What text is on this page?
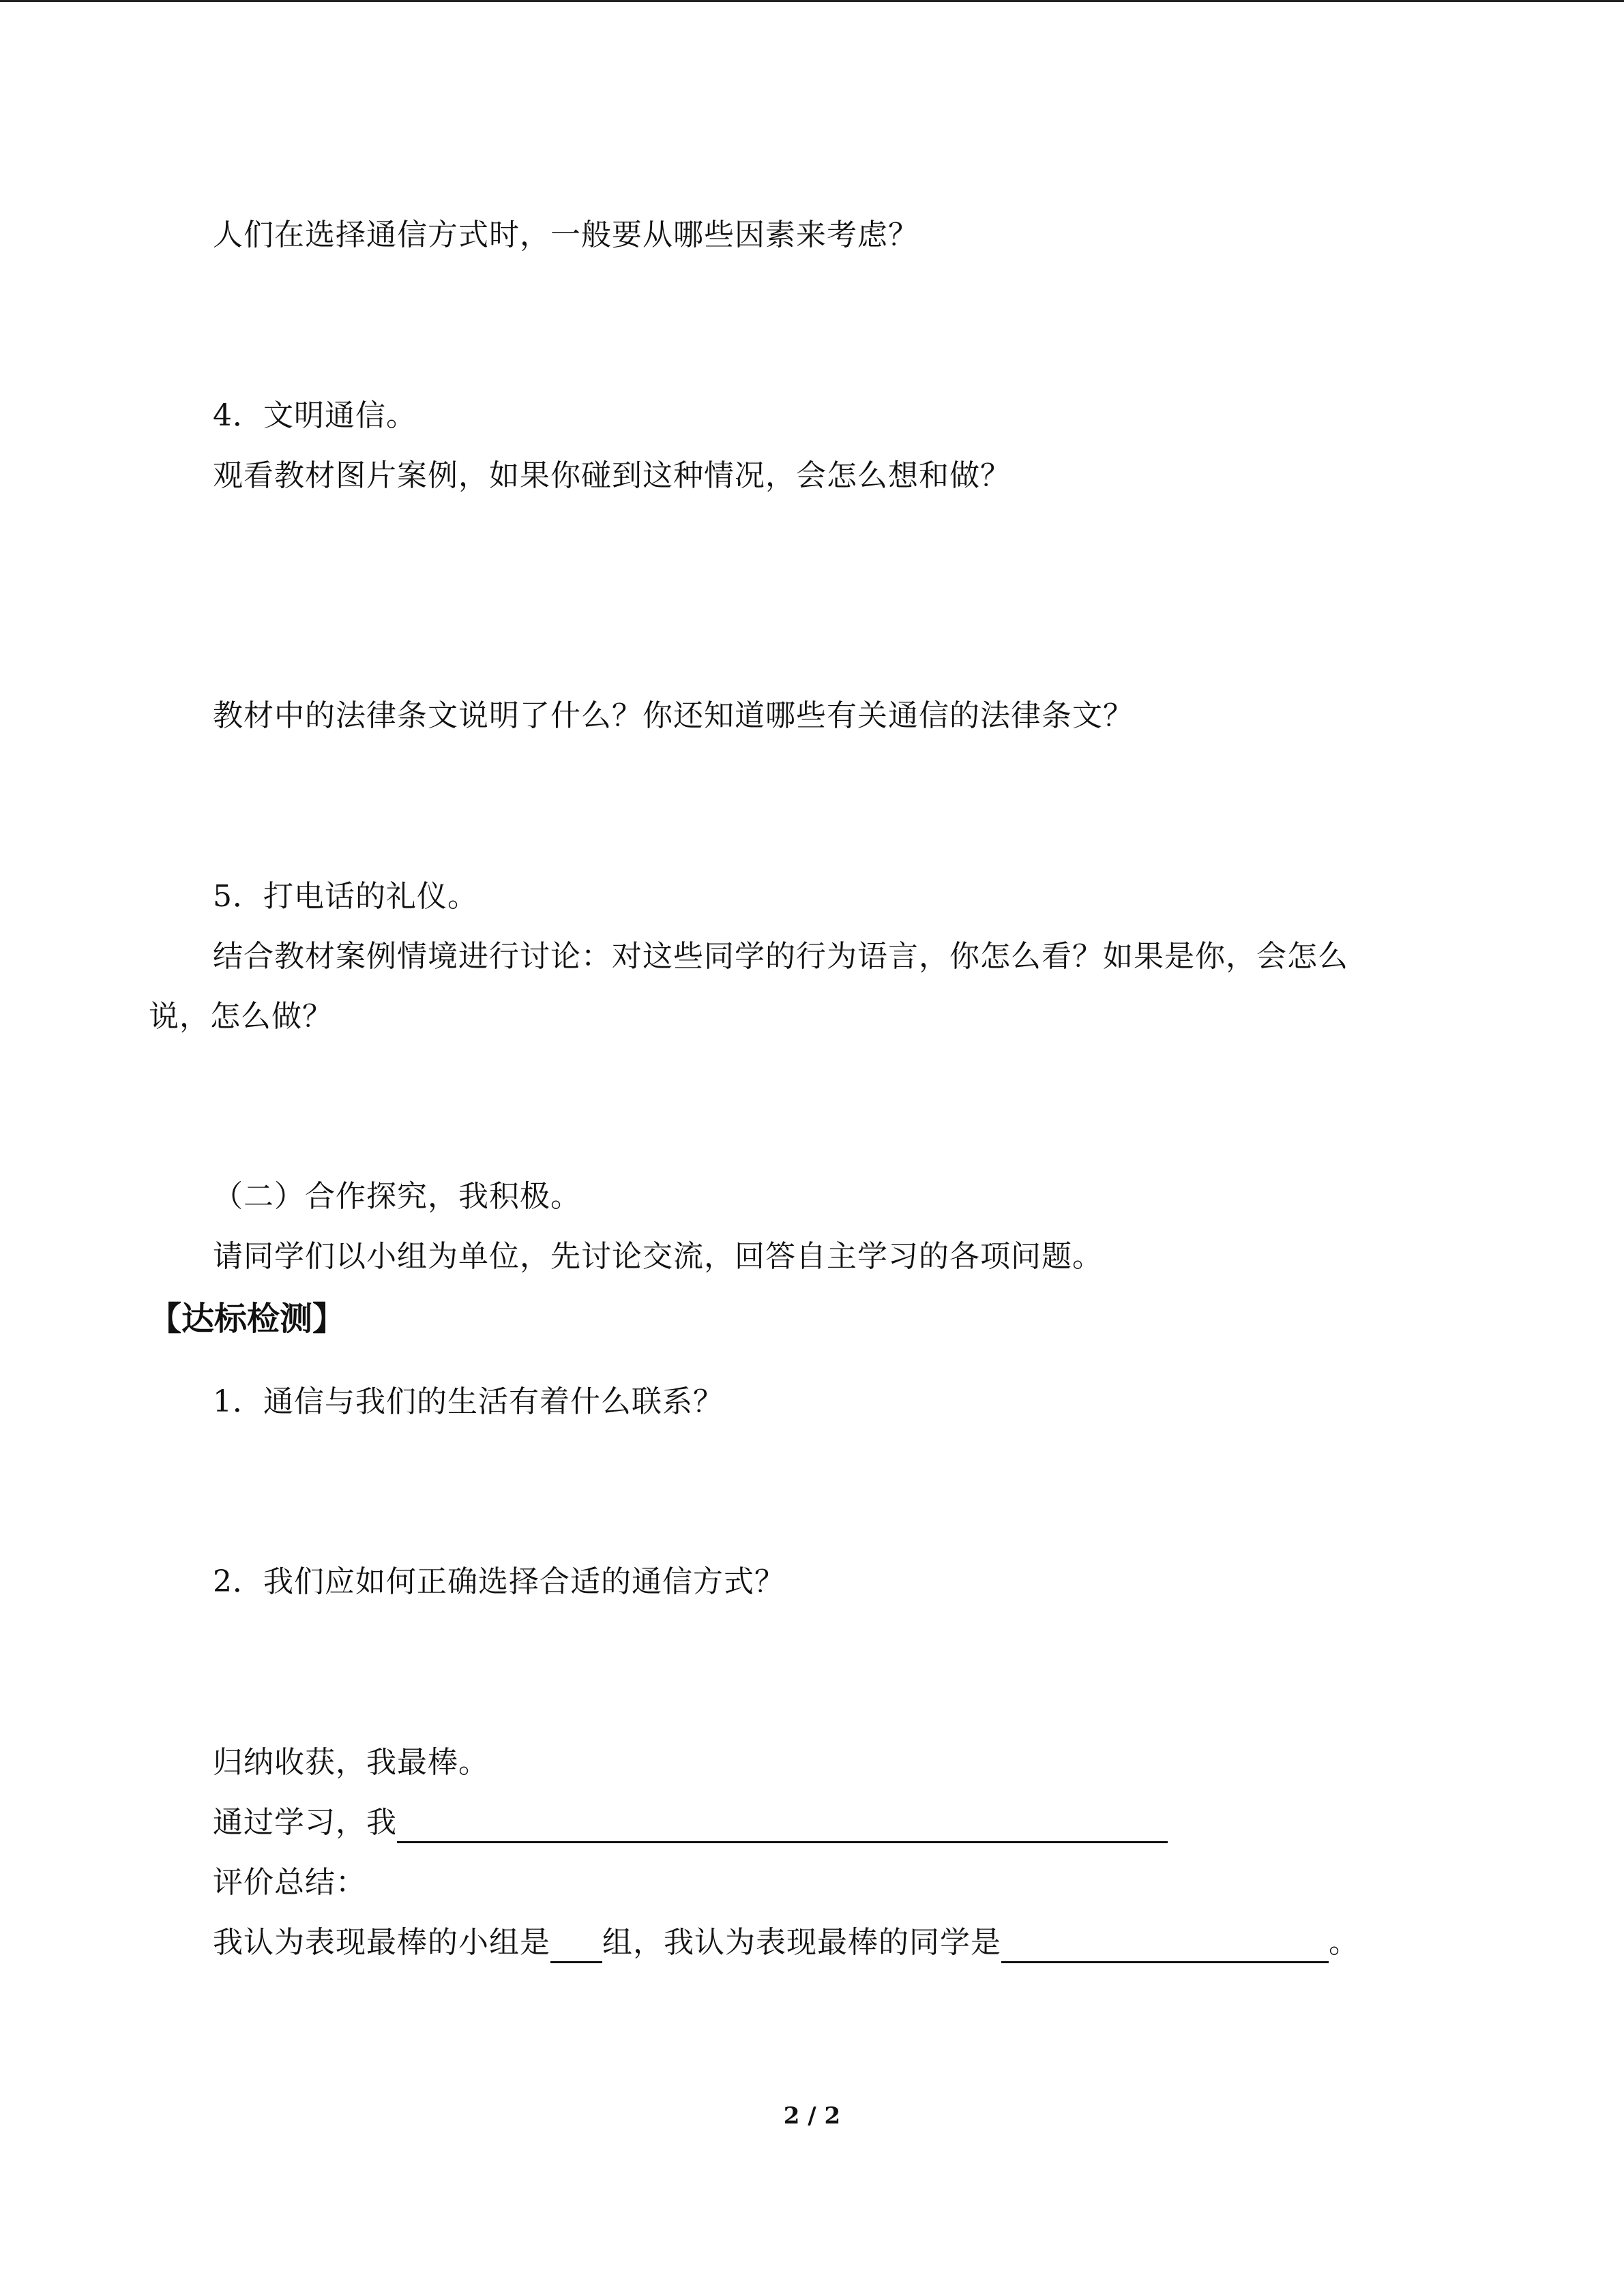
人们在选择通信方式时，一般要从哪些因素来考虑？
4．文明通信。
观看教材图片案例，如果你碰到这种情况，会怎么想和做？
教材中的法律条文说明了什么？你还知道哪些有关通信的法律条文？
5．打电话的礼仪。
结合教材案例情境进行讨论：对这些同学的行为语言，你怎么看？如果是你，会怎么
说，怎么做？
（二）合作探究，我积极。
请同学们以小组为单位，先讨论交流，回答自主学习的各项问题。
【达标检测】
1．通信与我们的生活有着什么联系？
2．我们应如何正确选择合适的通信方式？
归纳收获，我最棒。
通过学习，我
评价总结：
我认为表现最棒的小组是 组，我认为表现最棒的同学是	。
2 / 2
